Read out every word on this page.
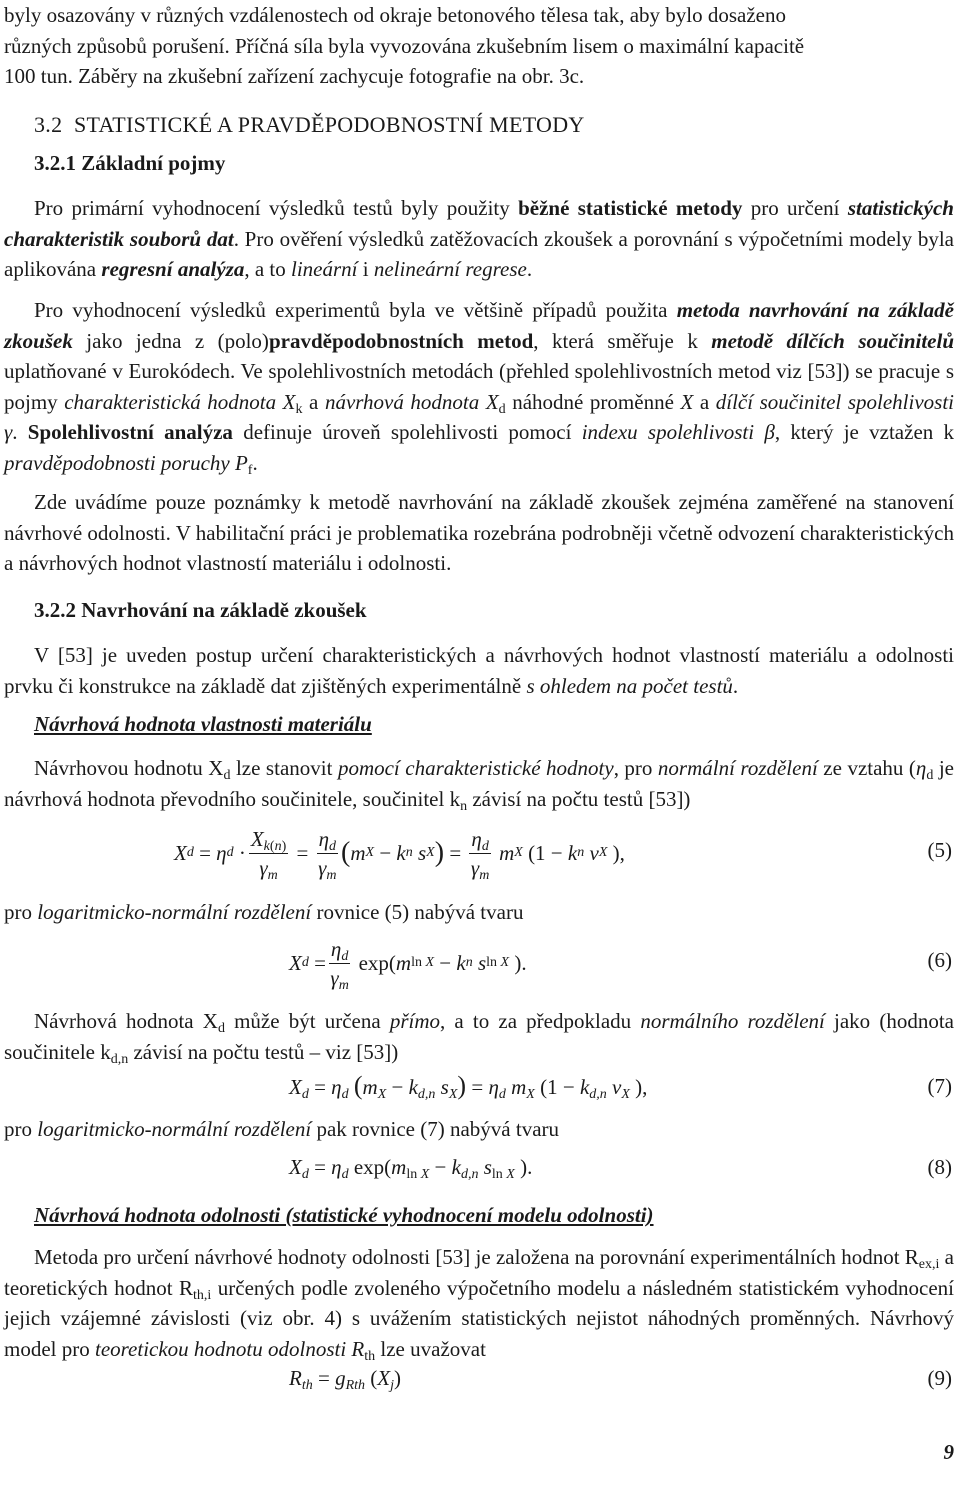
byly osazovány v různých vzdálenostech od okraje betonového tělesa tak, aby bylo dosaženo

různých způsobů porušení. Příčná síla byla vyvozována zkušebním lisem o maximální kapacitě

100 tun. Záběry na zkušební zařízení zachycuje fotografie na obr. 3c.

3.2 STATISTICKÉ A PRAVDĚPODOBNOSTNÍ METODY
3.2.1 Základní pojmy

Pro primární vyhodnocení výsledků testů byly použity běžné statistické metody pro určení statistických charakteristik souborů dat. Pro ověření výsledků zatěžovacích zkoušek a porovnání s výpočetními modely byla aplikována regresní analýza, a to lineární i nelineární regrese.

Pro vyhodnocení výsledků experimentů byla ve většině případů použita metoda navrhování na základě zkoušek jako jedna z (polo)pravděpodobnostních metod, která směřuje k metodě dílčích součinitelů uplatňované v Eurokódech. Ve spolehlivostních metodách (přehled spolehlivostních metod viz [53]) se pracuje s pojmy charakteristická hodnota $X_k$ a návrhová hodnota $X_d$ náhodné proměnné X a dílčí součinitel spolehlivosti γ. Spolehlivostní analýza definuje úroveň spolehlivosti pomocí indexu spolehlivosti β, který je vztažen k pravděpodobnosti poruchy $P_f$.

Zde uvádíme pouze poznámky k metodě navrhování na základě zkoušek zejména zaměřené na stanovení návrhové odolnosti. V habilitační práci je problematika rozebrána podrobněji včetně odvození charakteristických a návrhových hodnot vlastností materiálu i odolnosti.

3.2.2 Navrhování na základě zkoušek

V [53] je uveden postup určení charakteristických a návrhových hodnot vlastností materiálu a odolnosti prvku či konstrukce na základě dat zjištěných experimentálně s ohledem na počet testů.

Návrhová hodnota vlastnosti materiálu

Návrhovou hodnotu $X_d$ lze stanovit pomocí charakteristické hodnoty, pro normální rozdělení ze vztahu ($\eta_d$ je návrhová hodnota převodního součinitele, součinitel $k_n$ závisí na počtu testů [53])

X d = η $d \cdot \frac{X_{k(n)}}{\gamma_m} = \frac{\eta_d}{\gamma_m}$ ( m X − k n
s X ) = $\frac{\eta_d}{\gamma_m}$
m X (1 − k n
v X ),	(5)

pro logaritmicko-normální rozdělení rovnice (5) nabývá tvaru

X $d = \frac{\eta_d}{\gamma_m} \exp$( m ln X − k n
s ln X ).	(6)

Návrhová hodnota $X_d$ může být určena přímo, a to za předpokladu normálního rozdělení jako (hodnota součinitele $k_{d,n}$ závisí na počtu testů – viz [53])

$X_d = \eta_d$ ($m_X - k_{d,n}$ $s_X) = \eta_d$ $m_X$ ($1 - k_{d,n}$ $v_X$ ),	(7)

pro logaritmicko-normální rozdělení pak rovnice (7) nabývá tvaru

$X_d = \eta_d$ $\exp(m_{ln X} - k_{d,n}$ $s_{ln X}$ ).	(8)

Návrhová hodnota odolnosti (statistické vyhodnocení modelu odolnosti)

Metoda pro určení návrhové hodnoty odolnosti [53] je založena na porovnání experimentálních hodnot $R_{ex,i}$ a teoretických hodnot $R_{th,i}$ určených podle zvoleného výpočetního modelu a následném statistickém vyhodnocení jejich vzájemné závislosti (viz obr. 4) s uvážením statistických nejistot náhodných proměnných. Návrhový model pro teoretickou hodnotu odolnosti $R_{th}$ lze uvažovat

$R_{th} = g_{Rth}$ $(X_j)$	(9)
9
